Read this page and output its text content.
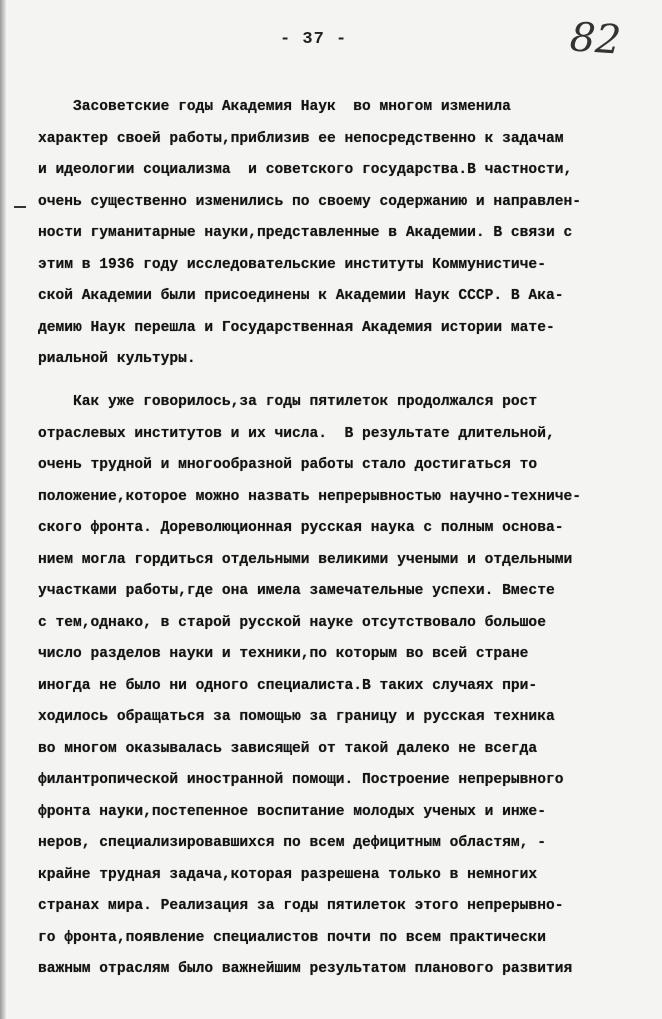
- 37 -	82
Засоветские годы Академия Наук  во многом изменила
характер своей работы,приблизив ее непосредственно к задачам
и идеологии социализма  и советского государства.В частности,
очень существенно изменились по своему содержанию и направлен-
ности гуманитарные науки,представленные в Академии. В связи с
этим в 1936 году исследовательские институты Коммунистиче-
ской Академии были присоединены к Академии Наук СССР. В Ака-
демию Наук перешла и Государственная Академия истории мате-
риальной культуры.
Как уже говорилось,за годы пятилеток продолжался рост
отраслевых институтов и их числа.  В результате длительной,
очень трудной и многообразной работы стало достигаться то
положение,которое можно назвать непрерывностью научно-техниче-
ского фронта. Дореволюционная русская наука с полным основа-
нием могла гордиться отдельными великими учеными и отдельными
участками работы,где она имела замечательные успехи. Вместе
с тем,однако, в старой русской науке отсутствовало большое
число разделов науки и техники,по которым во всей стране
иногда не было ни одного специалиста.В таких случаях при-
ходилось обращаться за помощью за границу и русская техника
во многом оказывалась зависящей от такой далеко не всегда
филантропической иностранной помощи. Построение непрерывного
фронта науки,постепенное воспитание молодых ученых и инже-
неров, специализировавшихся по всем дефицитным областям, -
крайне трудная задача,которая разрешена только в немногих
странах мира. Реализация за годы пятилеток этого непрерывно-
го фронта,появление специалистов почти по всем практически
важным отраслям было важнейшим результатом планового развития
